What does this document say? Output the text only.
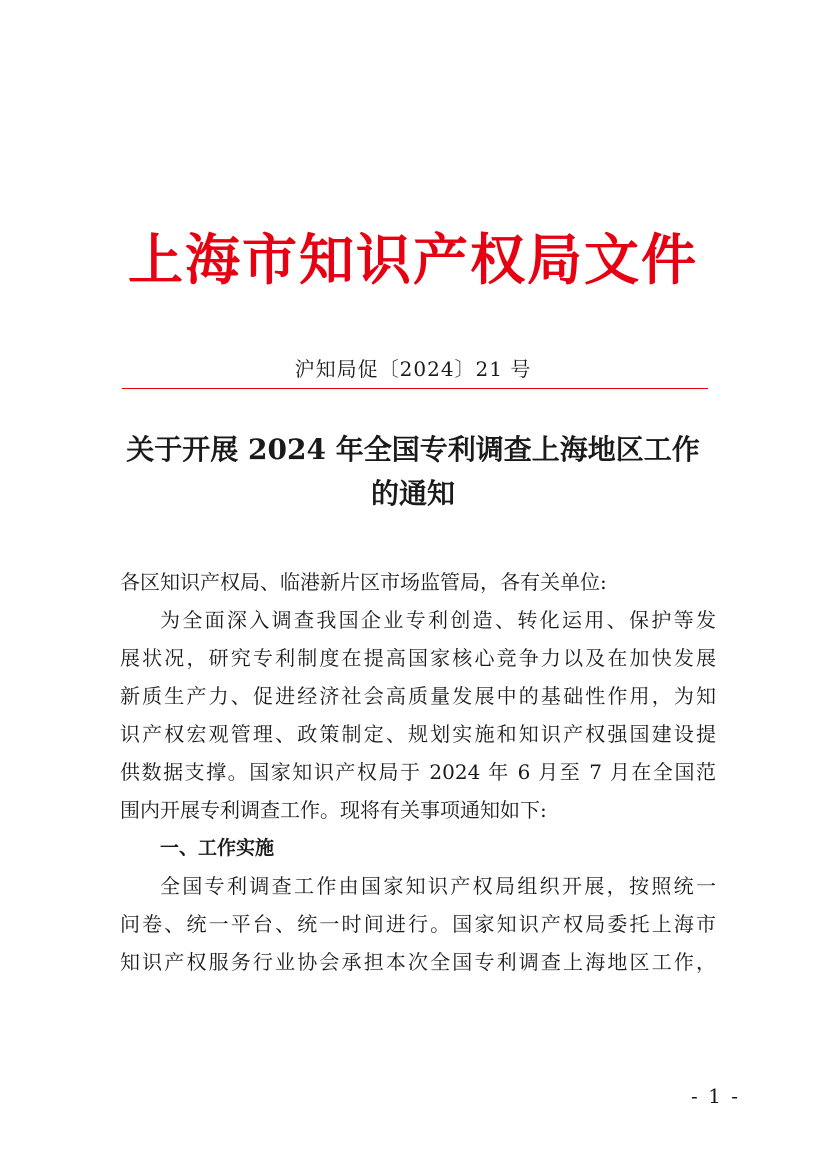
上海市知识产权局文件
沪知局促〔2024〕21 号
关于开展 2024 年全国专利调查上海地区工作
的通知

各区知识产权局、临港新片区市场监管局，各有关单位:

为全面深入调查我国企业专利创造、转化运用、保护等发

展状况，研究专利制度在提高国家核心竞争力以及在加快发展

新质生产力、促进经济社会高质量发展中的基础性作用，为知

识产权宏观管理、政策制定、规划实施和知识产权强国建设提

供数据支撑。国家知识产权局于 2024 年 6 月至 7 月在全国范

围内开展专利调查工作。现将有关事项通知如下:

一、工作实施

全国专利调查工作由国家知识产权局组织开展，按照统一

问卷、统一平台、统一时间进行。国家知识产权局委托上海市

知识产权服务行业协会承担本次全国专利调查上海地区工作，

- 1 -
